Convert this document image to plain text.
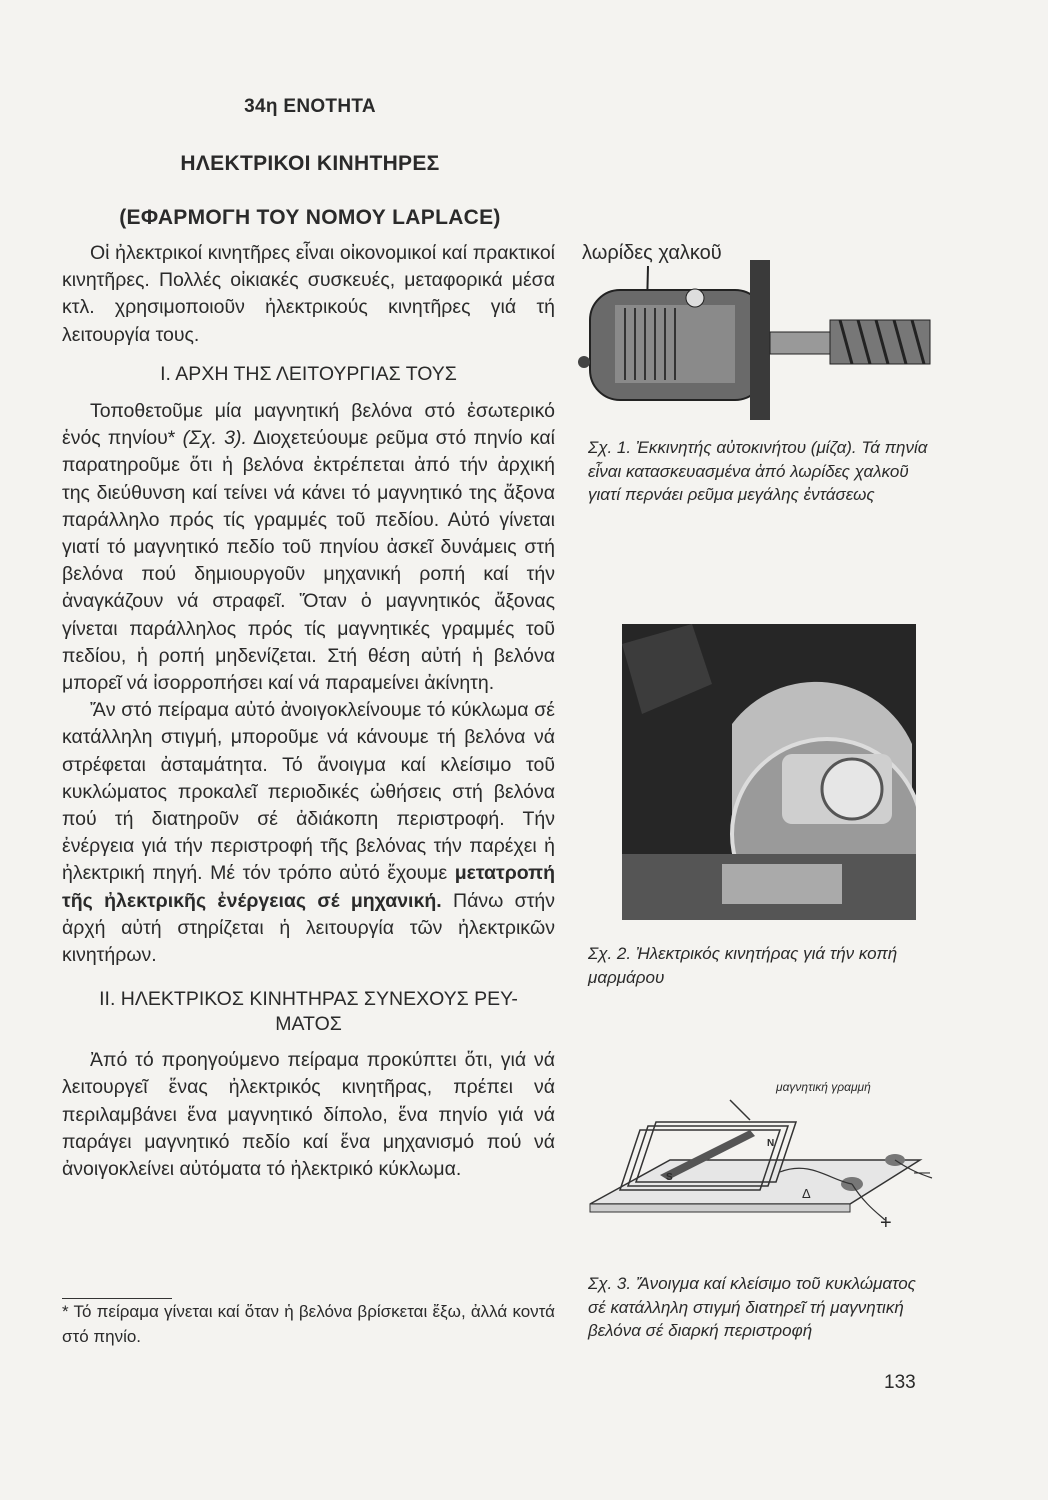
34η ΕΝΟΤΗΤΑ
ΗΛΕΚΤΡΙΚΟΙ ΚΙΝΗΤΗΡΕΣ
(ΕΦΑΡΜΟΓΗ ΤΟΥ ΝΟΜΟΥ LAPLACE)

Οἱ ἠλεκτρικοί κινητῆρες εἶναι οἰκονομικοί καί πρακτικοί κινητῆρες. Πολλές οἰκιακές συσκευές, μεταφορικά μέσα κτλ. χρησιμοποιοῦν ἠλεκτρικούς κινητῆρες γιά τή λειτουργία τους.

Ι. ΑΡΧΗ ΤΗΣ ΛΕΙΤΟΥΡΓΙΑΣ ΤΟΥΣ

Τοποθετοῦμε μία μαγνητική βελόνα στό ἐσωτερικό ἑνός πηνίου* (Σχ. 3). Διοχετεύουμε ρεῦμα στό πηνίο καί παρατηροῦμε ὅτι ἡ βελόνα ἐκτρέπεται ἀπό τήν ἀρχική της διεύθυνση καί τείνει νά κάνει τό μαγνητικό της ἄξονα παράλληλο πρός τίς γραμμές τοῦ πεδίου. Αὐτό γίνεται γιατί τό μαγνητικό πεδίο τοῦ πηνίου ἀσκεῖ δυνάμεις στή βελόνα πού δημιουργοῦν μηχανική ροπή καί τήν ἀναγκάζουν νά στραφεῖ. Ὅταν ὁ μαγνητικός ἄξονας γίνεται παράλληλος πρός τίς μαγνητικές γραμμές τοῦ πεδίου, ἡ ροπή μηδενίζεται. Στή θέση αὐτή ἡ βελόνα μπορεῖ νά ἰσορροπήσει καί νά παραμείνει ἀκίνητη.

Ἄν στό πείραμα αὐτό ἀνοιγοκλείνουμε τό κύκλωμα σέ κατάλληλη στιγμή, μποροῦμε νά κάνουμε τή βελόνα νά στρέφεται ἀσταμάτητα. Τό ἄνοιγμα καί κλείσιμο τοῦ κυκλώματος προκαλεῖ περιοδικές ὠθήσεις στή βελόνα πού τή διατηροῦν σέ ἀδιάκοπη περιστροφή. Τήν ἐνέργεια γιά τήν περιστροφή τῆς βελόνας τήν παρέχει ἡ ἠλεκτρική πηγή. Μέ τόν τρόπο αὐτό ἔχουμε μετατροπή τῆς ἠλεκτρικῆς ἐνέργειας σέ μηχανική. Πάνω στήν ἀρχή αὐτή στηρίζεται ἡ λειτουργία τῶν ἠλεκτρικῶν κινητήρων.

ΙΙ. ΗΛΕΚΤΡΙΚΟΣ ΚΙΝΗΤΗΡΑΣ ΣΥΝΕΧΟΥΣ ΡΕΥ-
ΜΑΤΟΣ

Ἀπό τό προηγούμενο πείραμα προκύπτει ὅτι, γιά νά λειτουργεῖ ἕνας ἠλεκτρικός κινητῆρας, πρέπει νά περιλαμβάνει ἕνα μαγνητικό δίπολο, ἕνα πηνίο γιά νά παράγει μαγνητικό πεδίο καί ἕνα μηχανισμό πού νά ἀνοιγοκλείνει αὐτόματα τό ἠλεκτρικό κύκλωμα.

* Τό πείραμα γίνεται καί ὅταν ἡ βελόνα βρίσκεται ἔξω, ἀλλά κοντά στό πηνίο.
λωρίδες χαλκοῦ
Σχ. 1. Ἐκκινητής αὐτοκινήτου (μίζα). Τά πηνία εἶναι κατασκευασμένα ἀπό λωρίδες χαλκοῦ γιατί περνάει ρεῦμα μεγάλης ἐντάσεως
Σχ. 2. Ἠλεκτρικός κινητήρας γιά τήν κοπή μαρμάρου
μαγνητική γραμμή
N
S
Δ
—
+
Σχ. 3. Ἄνοιγμα καί κλείσιμο τοῦ κυκλώματος σέ κατάλληλη στιγμή διατηρεῖ τή μαγνητική βελόνα σέ διαρκή περιστροφή
133
